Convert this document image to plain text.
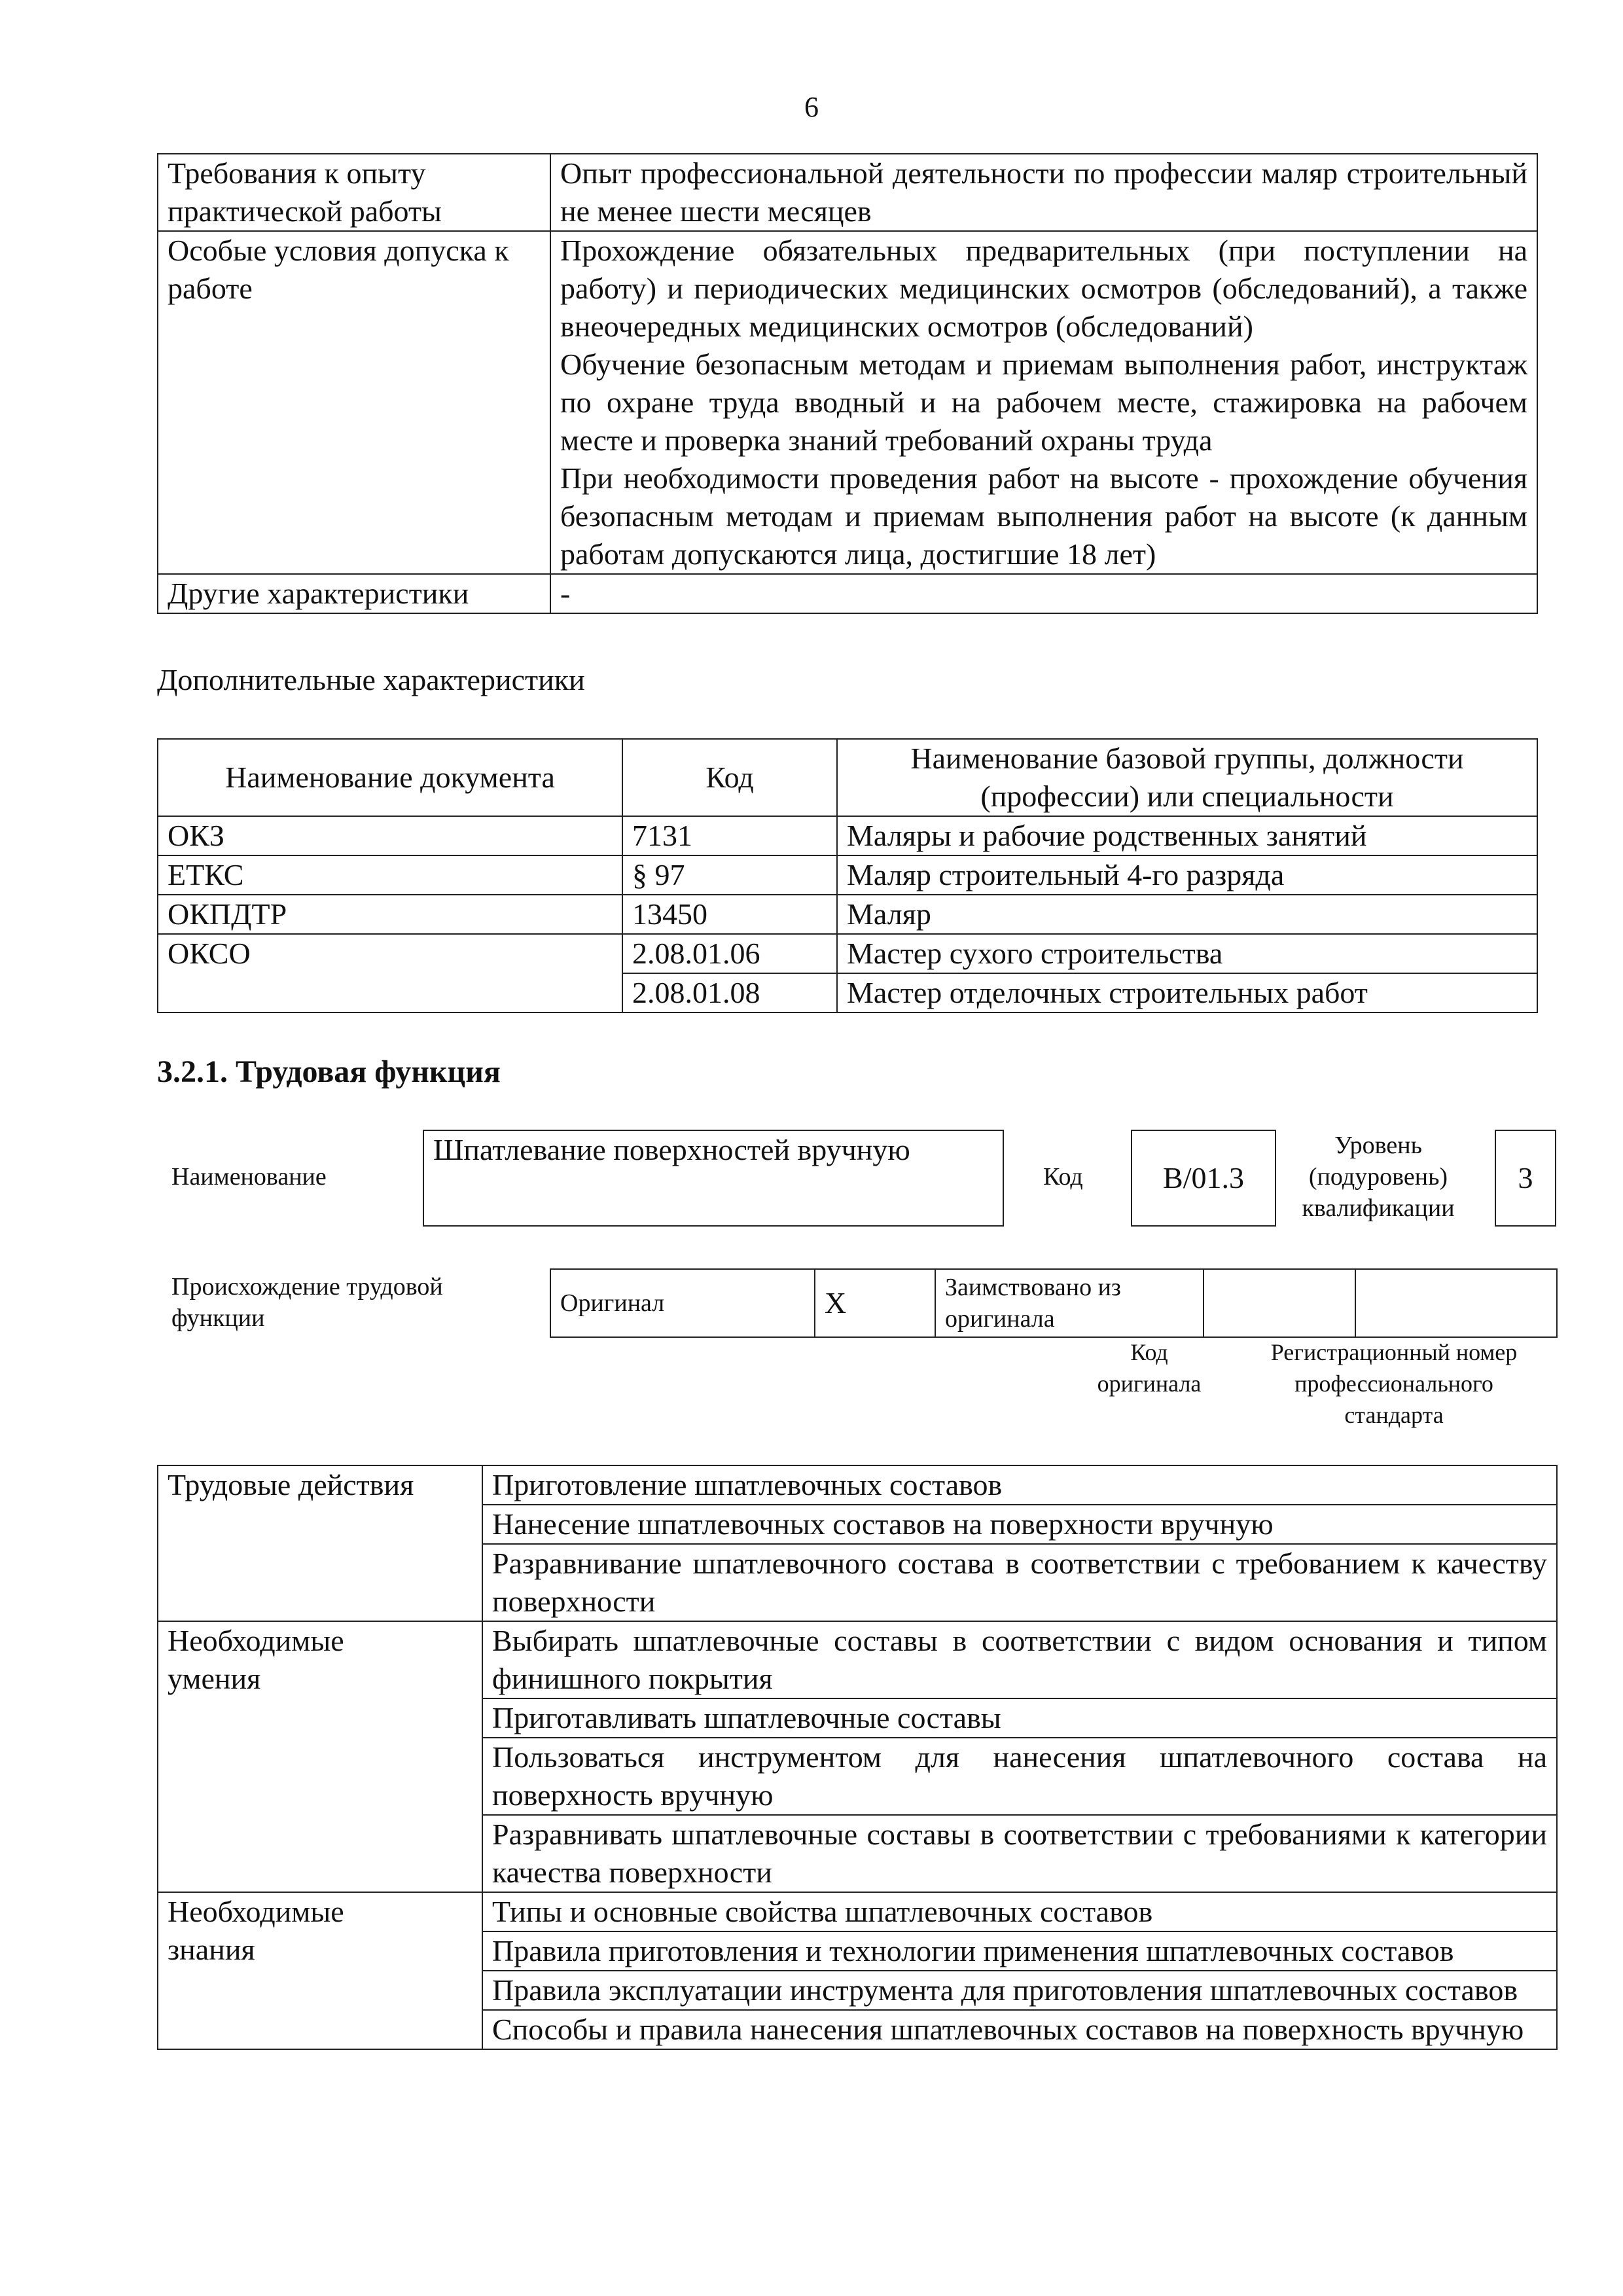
6
Требования к опыту практической работы	Опыт профессиональной деятельности по профессии маляр строительный не менее шести месяцев

Особые условия допуска к работе	Прохождение обязательных предварительных (при поступлении на работу) и периодических медицинских осмотров (обследований), а также внеочередных медицинских осмотров (обследований)
Обучение безопасным методам и приемам выполнения работ, инструктаж по охране труда вводный и на рабочем месте, стажировка на рабочем месте и проверка знаний требований охраны труда
При необходимости проведения работ на высоте - прохождение обучения безопасным методам и приемам выполнения работ на высоте (к данным работам допускаются лица, достигшие 18 лет)

Другие характеристики	-
Дополнительные характеристики
Наименование документа	Код	Наименование базовой группы, должности (профессии) или специальности
ОКЗ	7131	Маляры и рабочие родственных занятий
ЕТКС	§ 97	Маляр строительный 4-го разряда
ОКПДТР	13450	Маляр
ОКСО	2.08.01.06	Мастер сухого строительства
	2.08.01.08	Мастер отделочных строительных работ
3.2.1. Трудовая функция
Наименование
Шпатлевание поверхностей вручную
Код	B/01.3
Уровень
(подуровень)
квалификации
3
Происхождение трудовой
функции
Оригинал	X	Заимствовано из
оригинала

Код
оригинала
Регистрационный номер
профессионального
стандарта
Трудовые действия	Приготовление шпатлевочных составов
	Нанесение шпатлевочных составов на поверхности вручную
	Разравнивание шпатлевочного состава в соответствии с требованием к качеству поверхности
Необходимые умения	Выбирать шпатлевочные составы в соответствии с видом основания и типом финишного покрытия
	Приготавливать шпатлевочные составы
	Пользоваться инструментом для нанесения шпатлевочного состава на поверхность вручную
	Разравнивать шпатлевочные составы в соответствии с требованиями к категории качества поверхности
Необходимые знания	Типы и основные свойства шпатлевочных составов
	Правила приготовления и технологии применения шпатлевочных составов
	Правила эксплуатации инструмента для приготовления шпатлевочных составов
	Способы и правила нанесения шпатлевочных составов на поверхность вручную
